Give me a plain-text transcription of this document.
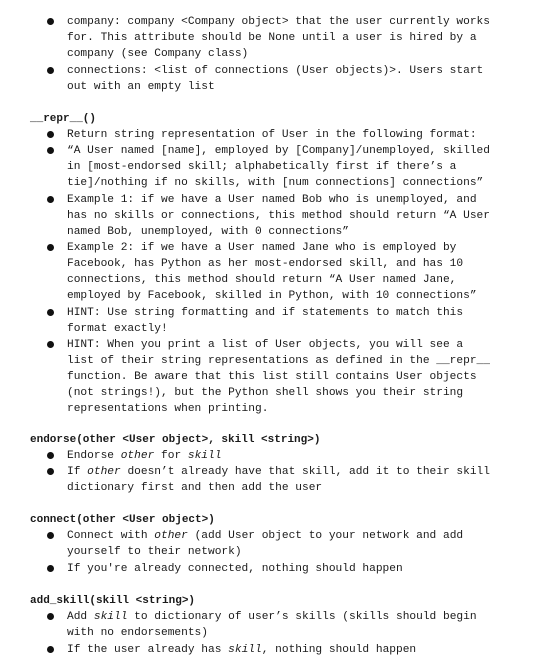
company: company <Company object> that the user currently works
for. This attribute should be None until a user is hired by a
company (see Company class)
connections: <list of connections (User objects)>. Users start
out with an empty list
__repr__()
Return string representation of User in the following format:
“A User named [name], employed by [Company]/unemployed, skilled
in [most-endorsed skill; alphabetically first if there’s a
tie]/nothing if no skills, with [num connections] connections”
Example 1: if we have a User named Bob who is unemployed, and
has no skills or connections, this method should return “A User
named Bob, unemployed, with 0 connections”
Example 2: if we have a User named Jane who is employed by
Facebook, has Python as her most-endorsed skill, and has 10
connections, this method should return “A User named Jane,
employed by Facebook, skilled in Python, with 10 connections”
HINT: Use string formatting and if statements to match this
format exactly!
HINT: When you print a list of User objects, you will see a
list of their string representations as defined in the __repr__
function. Be aware that this list still contains User objects
(not strings!), but the Python shell shows you their string
representations when printing.
endorse(other <User object>, skill <string>)
Endorse other for skill
If other doesn’t already have that skill, add it to their skill
dictionary first and then add the user
connect(other <User object>)
Connect with other (add User object to your network and add
yourself to their network)
If you're already connected, nothing should happen
add_skill(skill <string>)
Add skill to dictionary of user’s skills (skills should begin
with no endorsements)
If the user already has skill, nothing should happen
